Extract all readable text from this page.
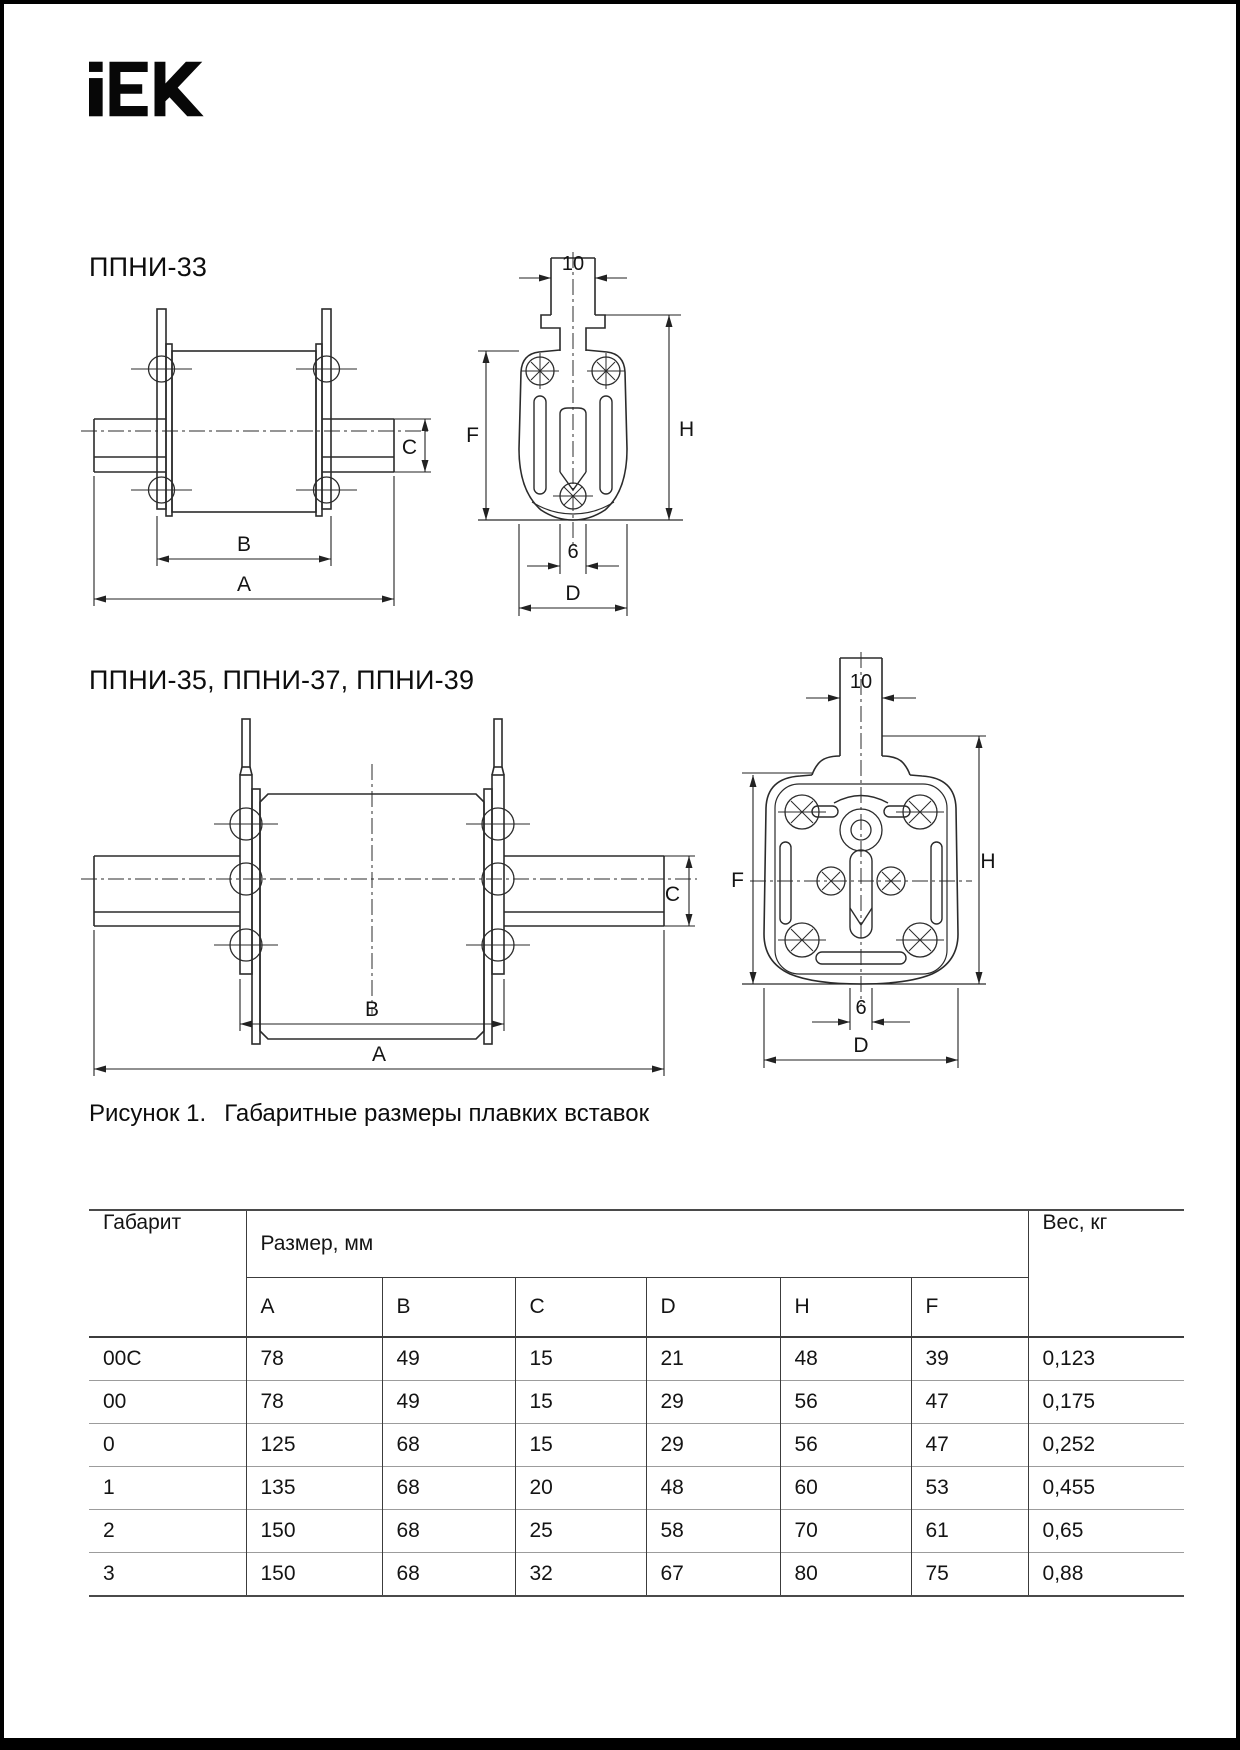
ППНИ-33
B
A
C
10
F	H
6
D
ППНИ-35, ППНИ-37, ППНИ-39
C
B
A
10
F
H
6
D
Рисунок 1. Габаритные размеры плавких вставок
Габарит	Размер, мм						Вес, кг
	A	B	C	D	H	F	
00C	78	49	15	21	48	39	0,123
00	78	49	15	29	56	47	0,175
0	125	68	15	29	56	47	0,252
1	135	68	20	48	60	53	0,455
2	150	68	25	58	70	61	0,65
3	150	68	32	67	80	75	0,88
